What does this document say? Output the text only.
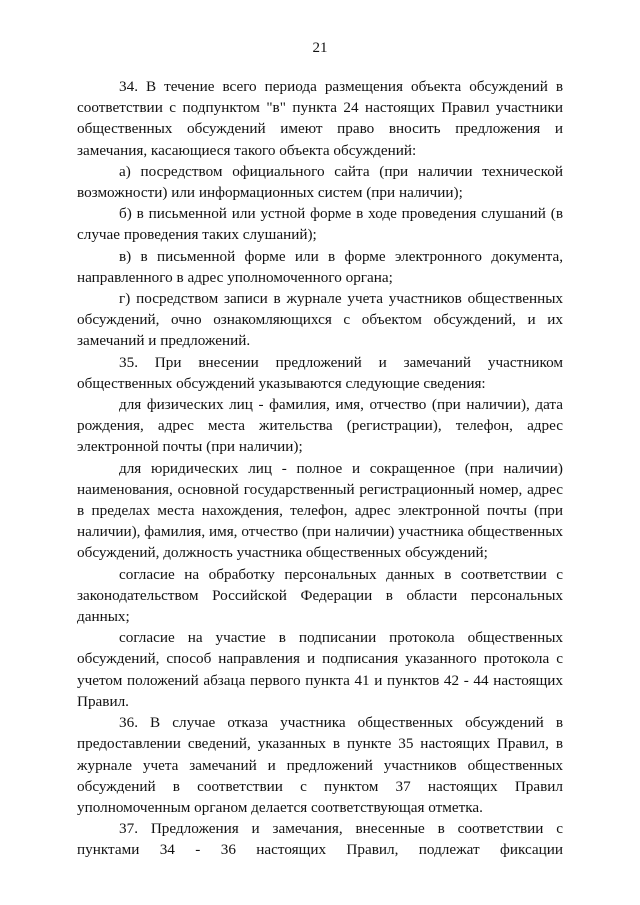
21

34. В течение всего периода размещения объекта обсуждений в соответствии с подпунктом "в" пункта 24 настоящих Правил участники общественных обсуждений имеют право вносить предложения и замечания, касающиеся такого объекта обсуждений:

а) посредством официального сайта (при наличии технической возможности) или информационных систем (при наличии);

б) в письменной или устной форме в ходе проведения слушаний (в случае проведения таких слушаний);

в) в письменной форме или в форме электронного документа, направленного в адрес уполномоченного органа;

г) посредством записи в журнале учета участников общественных обсуждений, очно ознакомляющихся с объектом обсуждений, и их замечаний и предложений.

35. При внесении предложений и замечаний участником общественных обсуждений указываются следующие сведения:

для физических лиц - фамилия, имя, отчество (при наличии), дата рождения, адрес места жительства (регистрации), телефон, адрес электронной почты (при наличии);

для юридических лиц - полное и сокращенное (при наличии) наименования, основной государственный регистрационный номер, адрес в пределах места нахождения, телефон, адрес электронной почты (при наличии), фамилия, имя, отчество (при наличии) участника общественных обсуждений, должность участника общественных обсуждений;

согласие на обработку персональных данных в соответствии с законодательством Российской Федерации в области персональных данных;

согласие на участие в подписании протокола общественных обсуждений, способ направления и подписания указанного протокола с учетом положений абзаца первого пункта 41 и пунктов 42 - 44 настоящих Правил.

36. В случае отказа участника общественных обсуждений в предоставлении сведений, указанных в пункте 35 настоящих Правил, в журнале учета замечаний и предложений участников общественных обсуждений в соответствии с пунктом 37 настоящих Правил уполномоченным органом делается соответствующая отметка.

37. Предложения и замечания, внесенные в соответствии с пунктами 34 - 36 настоящих Правил, подлежат фиксации
